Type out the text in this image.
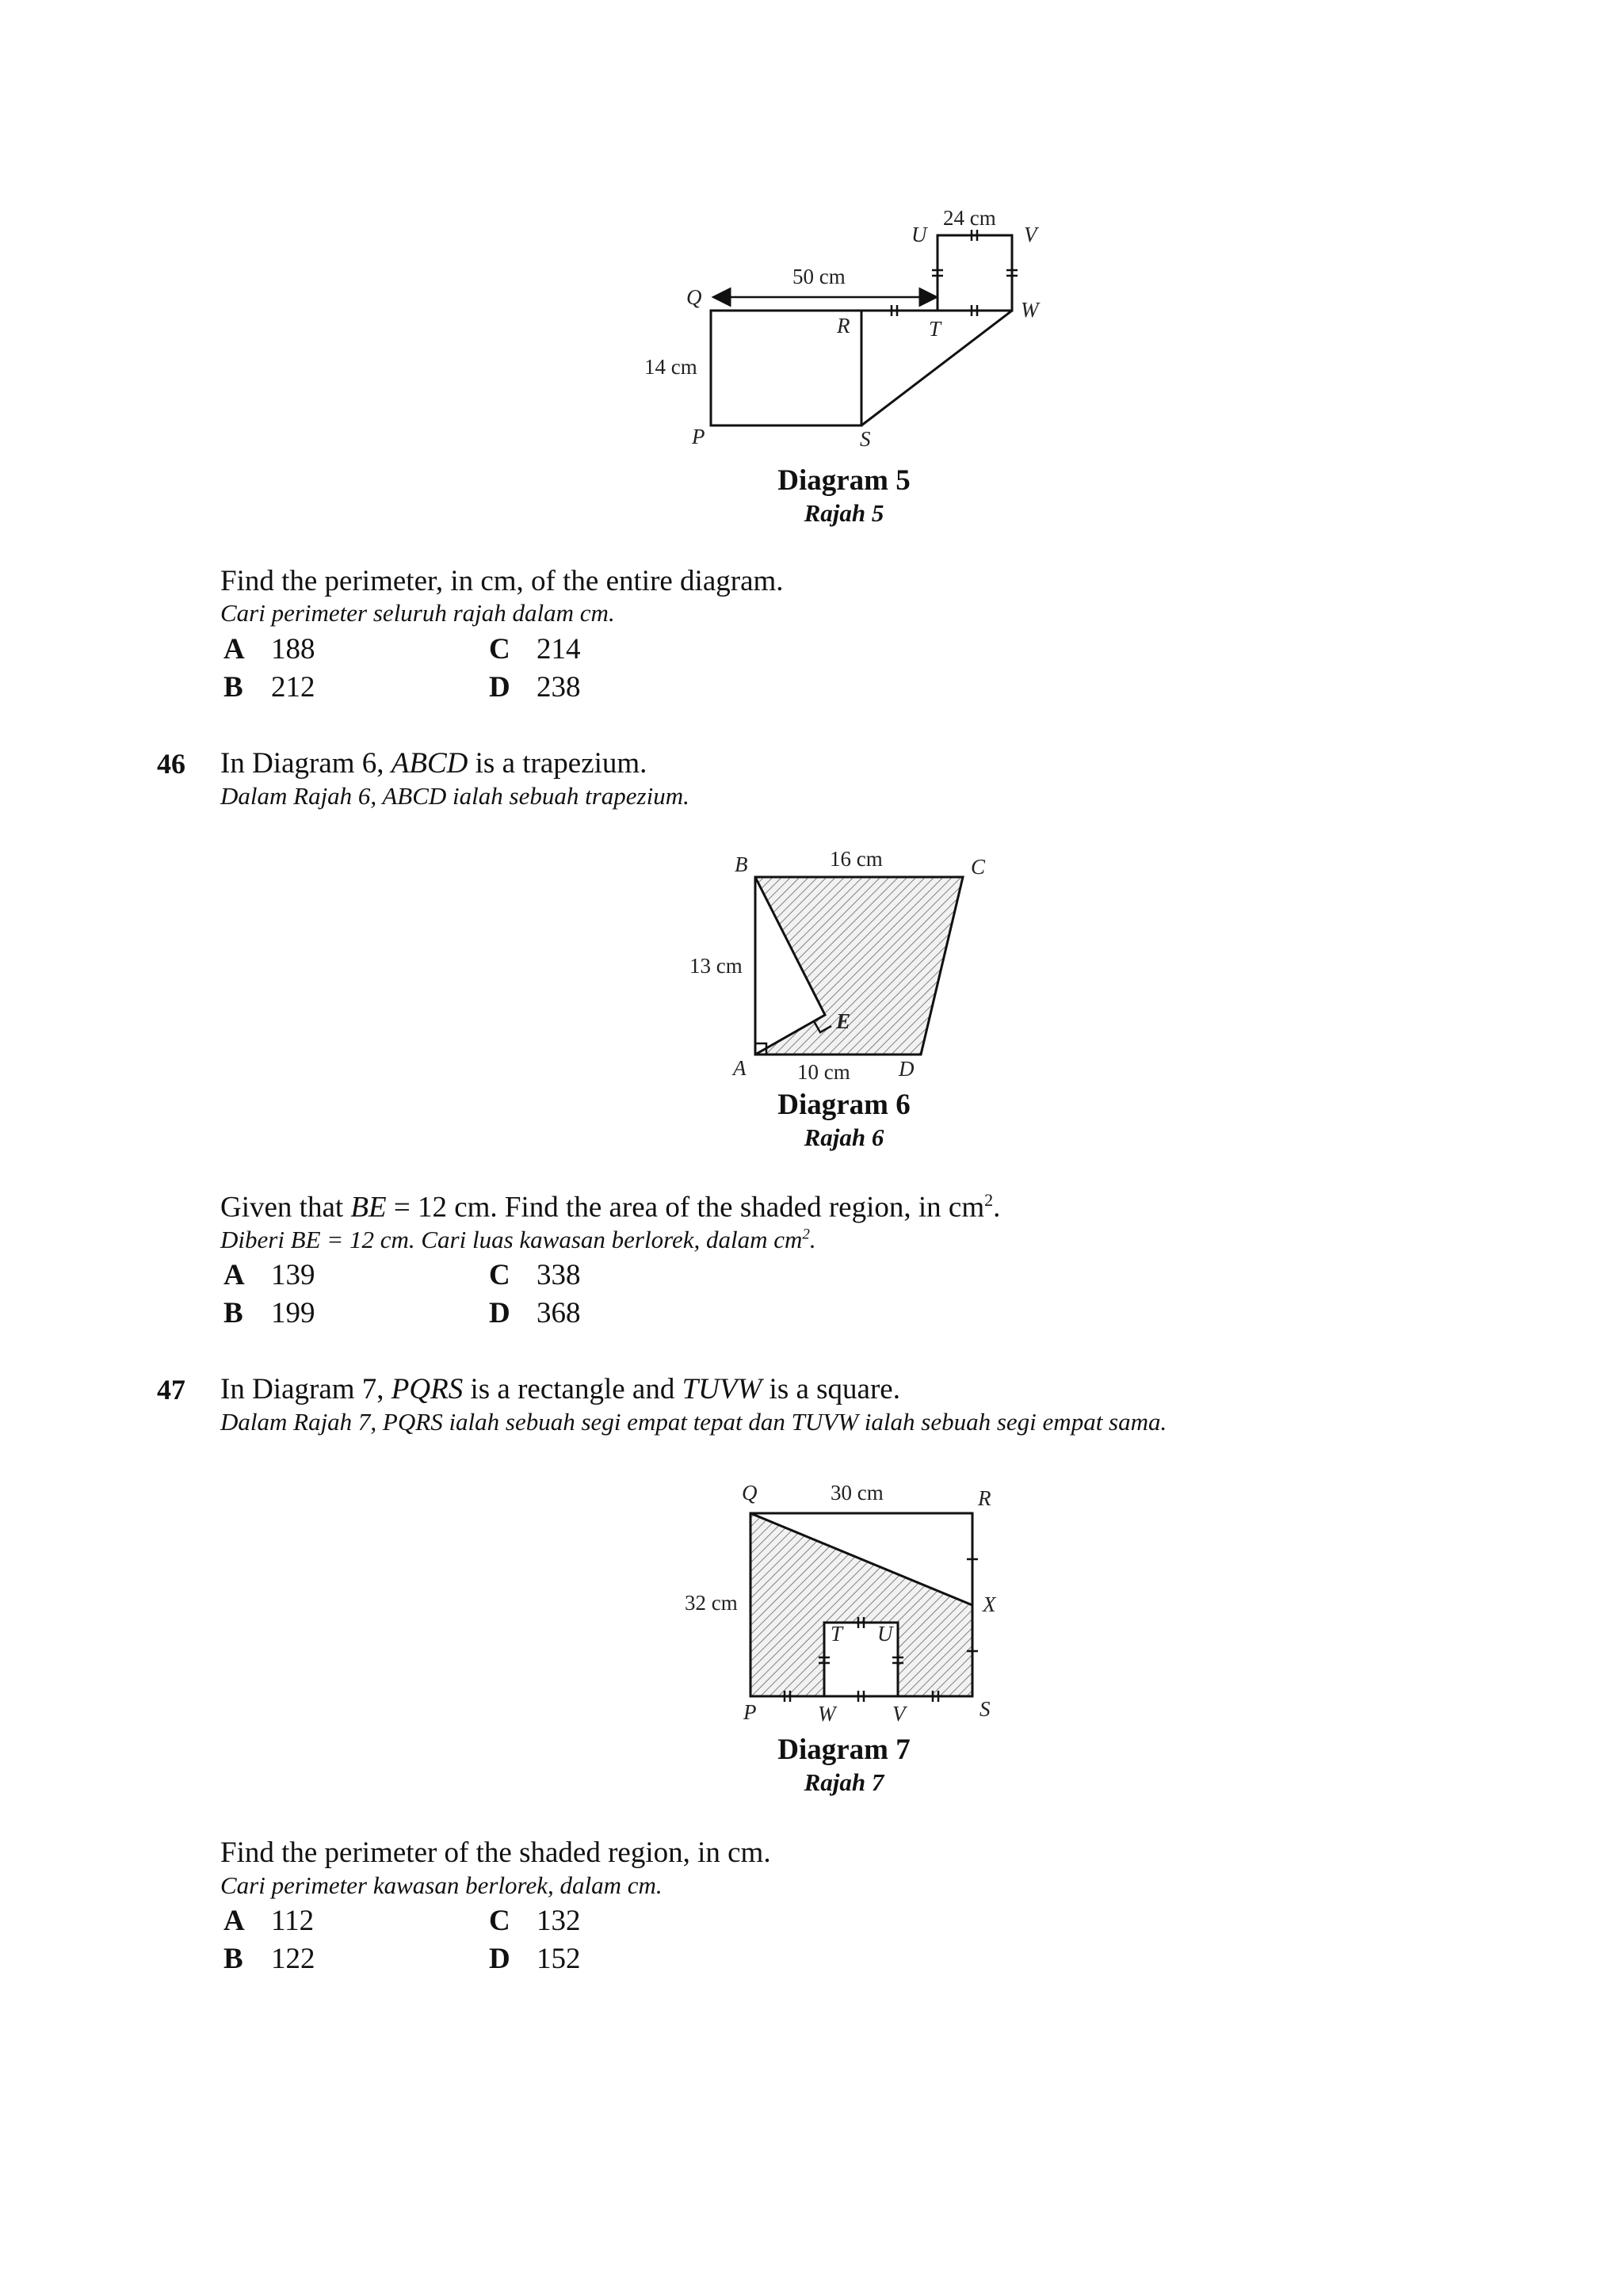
U	V
W
T
R
Q
P	S
24 cm
50 cm
14 cm
Diagram 5
Rajah 5
Find the perimeter, in cm, of the entire diagram.
Cari perimeter seluruh rajah dalam cm.
A 188	C 214
B 212	D 238
46 In Diagram 6, ABCD is a trapezium.
Dalam Rajah 6, ABCD ialah sebuah trapezium.
B	C
A	D
E
16 cm
13 cm
10 cm
Diagram 6
Rajah 6
Given that BE = 12 cm. Find the area of the shaded region, in $cm^2$.
Diberi BE = 12 cm. Cari luas kawasan berlorek, dalam $cm^2$.
A 139	C 338
B 199	D 368
47 In Diagram 7, PQRS is a rectangle and TUVW is a square.
Dalam Rajah 7, PQRS ialah sebuah segi empat tepat dan TUVW ialah sebuah segi empat sama.
Q	R
X
S
P	W	V
T U
30 cm
32 cm
Diagram 7
Rajah 7
Find the perimeter of the shaded region, in cm.
Cari perimeter kawasan berlorek, dalam cm.
A 112	C 132
B 122	D 152
